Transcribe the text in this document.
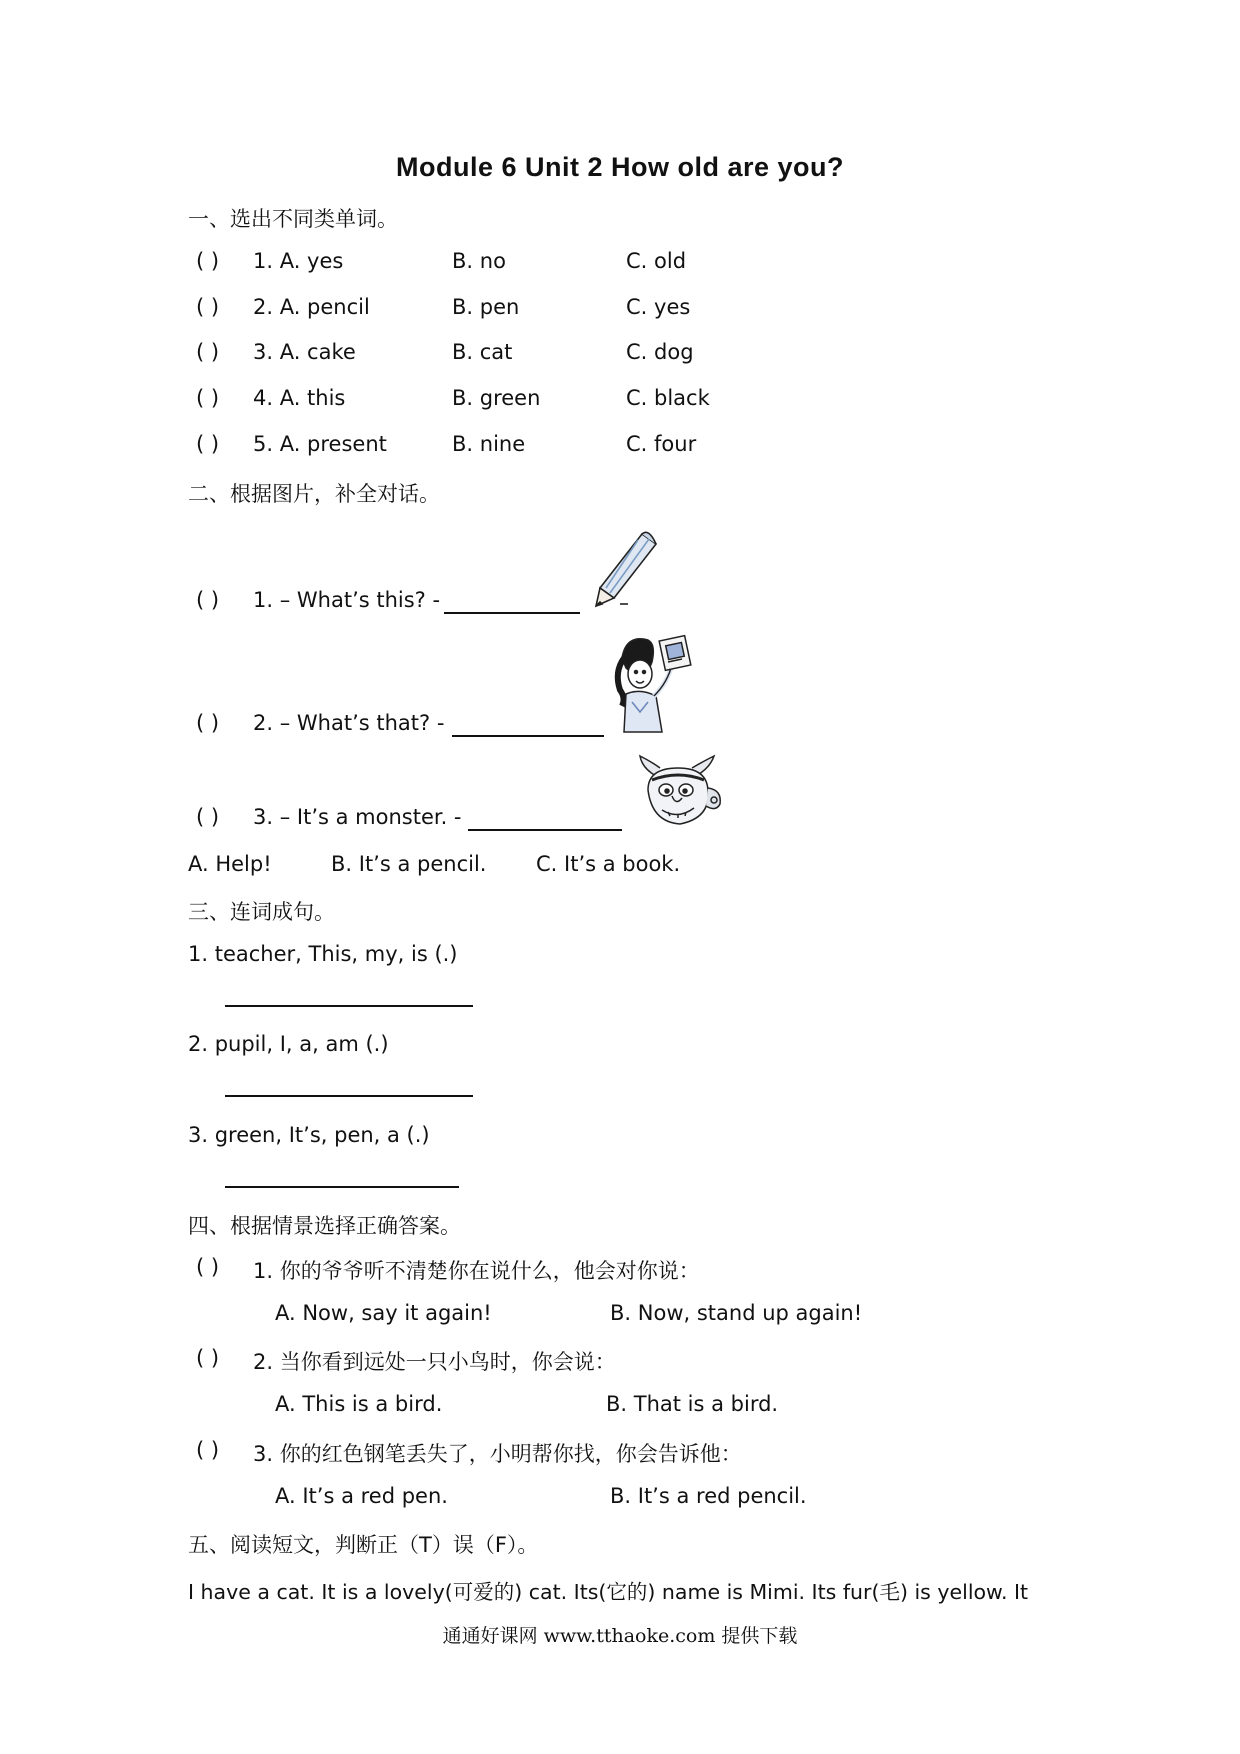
Module 6 Unit 2 How old are you?
一、选出不同类单词。
( ) 1. A. yes	B. no	C. old
( ) 2. A. pencil	B. pen	C. yes
( ) 3. A. cake	B. cat	C. dog
( ) 4. A. this	B. green	C. black
( ) 5. A. present	B. nine	C. four
二、根据图片，补全对话。
( ) 1. – What’s this? -
( ) 2. – What’s that? -
( ) 3. – It’s a monster. -
A. Help!	B. It’s a pencil. C. It’s a book.
三、连词成句。
1. teacher, This, my, is (.)
2. pupil, I, a, am (.)
3. green, It’s, pen, a (.)
四、根据情景选择正确答案。
( ) 1. 你的爷爷听不清楚你在说什么，他会对你说：
A. Now, say it again!	B. Now, stand up again!
( ) 2. 当你看到远处一只小鸟时，你会说：
A. This is a bird.	B. That is a bird.
( ) 3. 你的红色钢笔丢失了，小明帮你找，你会告诉他：
A. It’s a red pen.	B. It’s a red pencil.
五、阅读短文，判断正（T）误（F）。
I have a cat. It is a lovely(可爱的) cat. Its(它的) name is Mimi. Its fur(毛) is yellow. It
通通好课网 www.tthaoke.com 提供下载
